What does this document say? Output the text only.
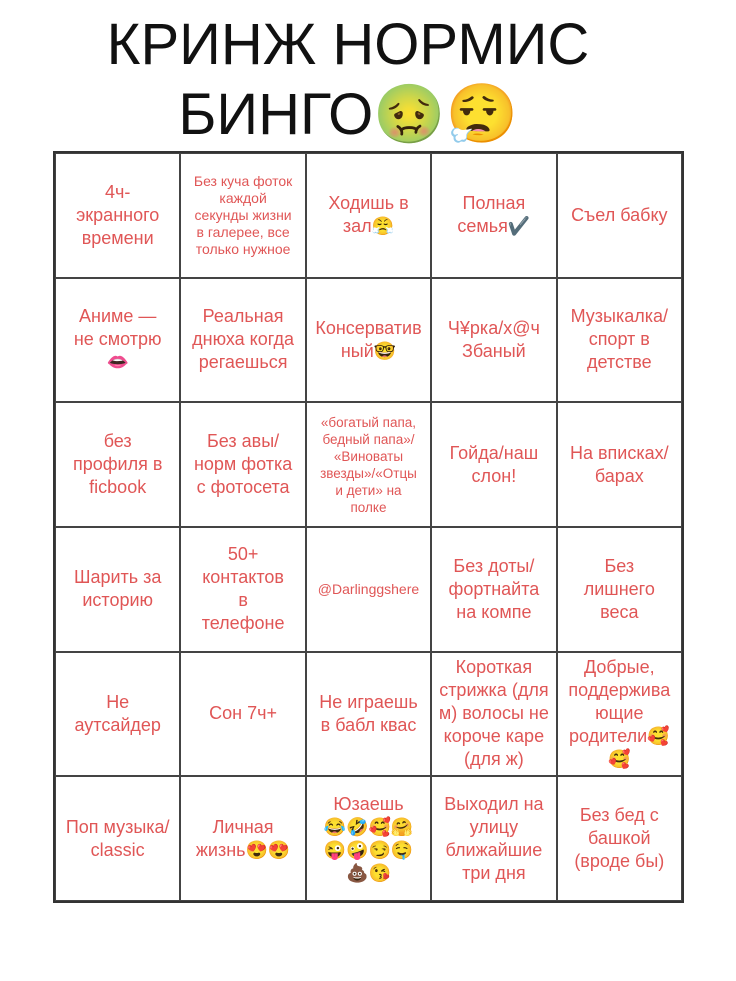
КРИНЖ НОРМИС
БИНГО🤢😮‍💨
4ч-
экранного
времени
Без куча фоток
каждой
секунды жизни
в галерее, все
только нужное
Ходишь в
зал😤
Полная
семья✔️
Съел бабку
Аниме —
не смотрю
👄
Реальная
днюха когда
регаешься
Консерватив
ный🤓
Ч¥рка/х@ч
Збаный
Музыкалка/
спорт в
детстве
без
профиля в
ficbook
Без авы/
норм фотка
с фотосета
«богатый папа,
бедный папа»/
«Виноваты
звезды»/«Отцы
и дети» на
полке
Гойда/наш
слон!
На вписках/
барах
Шарить за
историю
50+
контактов
в
телефоне
@Darlinggshere
Без доты/
фортнайта
на компе
Без
лишнего
веса
Не
аутсайдер
Сон 7ч+
Не играешь
в бабл квас
Короткая
стрижка (для
м) волосы не
короче каре
(для ж)
Добрые,
поддержива
ющие
родители🥰
🥰
Поп музыка/
classic
Личная
жизнь😍😍
Юзаешь
😂🤣🥰🤗
😜🤪😏🤤
💩😘
Выходил на
улицу
ближайшие
три дня
Без бед с
башкой
(вроде бы)
